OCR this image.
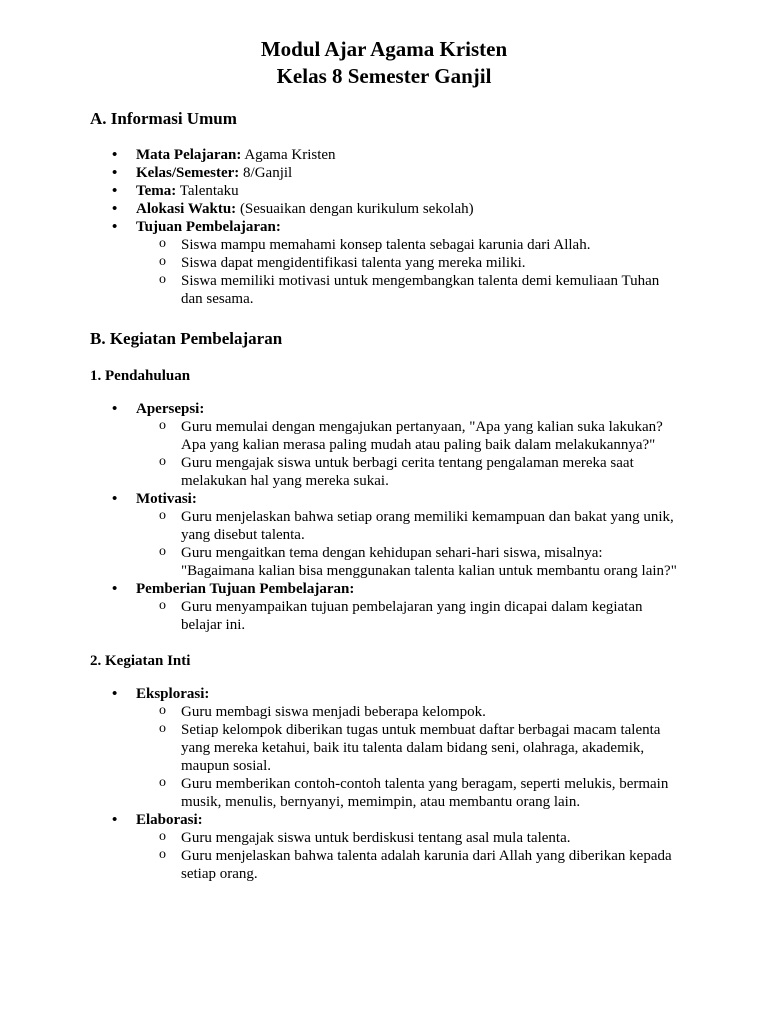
Modul Ajar Agama Kristen
Kelas 8 Semester Ganjil
A. Informasi Umum
• Mata Pelajaran: Agama Kristen
• Kelas/Semester: 8/Ganjil
• Tema: Talentaku
• Alokasi Waktu: (Sesuaikan dengan kurikulum sekolah)
• Tujuan Pembelajaran:
o Siswa mampu memahami konsep talenta sebagai karunia dari Allah.
o Siswa dapat mengidentifikasi talenta yang mereka miliki.
o Siswa memiliki motivasi untuk mengembangkan talenta demi kemuliaan Tuhan dan sesama.
B. Kegiatan Pembelajaran
1. Pendahuluan
• Apersepsi:
o Guru memulai dengan mengajukan pertanyaan, "Apa yang kalian suka lakukan? Apa yang kalian merasa paling mudah atau paling baik dalam melakukannya?"
o Guru mengajak siswa untuk berbagi cerita tentang pengalaman mereka saat melakukan hal yang mereka sukai.
• Motivasi:
o Guru menjelaskan bahwa setiap orang memiliki kemampuan dan bakat yang unik, yang disebut talenta.
o Guru mengaitkan tema dengan kehidupan sehari-hari siswa, misalnya: "Bagaimana kalian bisa menggunakan talenta kalian untuk membantu orang lain?"
• Pemberian Tujuan Pembelajaran:
o Guru menyampaikan tujuan pembelajaran yang ingin dicapai dalam kegiatan belajar ini.
2. Kegiatan Inti
• Eksplorasi:
o Guru membagi siswa menjadi beberapa kelompok.
o Setiap kelompok diberikan tugas untuk membuat daftar berbagai macam talenta yang mereka ketahui, baik itu talenta dalam bidang seni, olahraga, akademik, maupun sosial.
o Guru memberikan contoh-contoh talenta yang beragam, seperti melukis, bermain musik, menulis, bernyanyi, memimpin, atau membantu orang lain.
• Elaborasi:
o Guru mengajak siswa untuk berdiskusi tentang asal mula talenta.
o Guru menjelaskan bahwa talenta adalah karunia dari Allah yang diberikan kepada setiap orang.
